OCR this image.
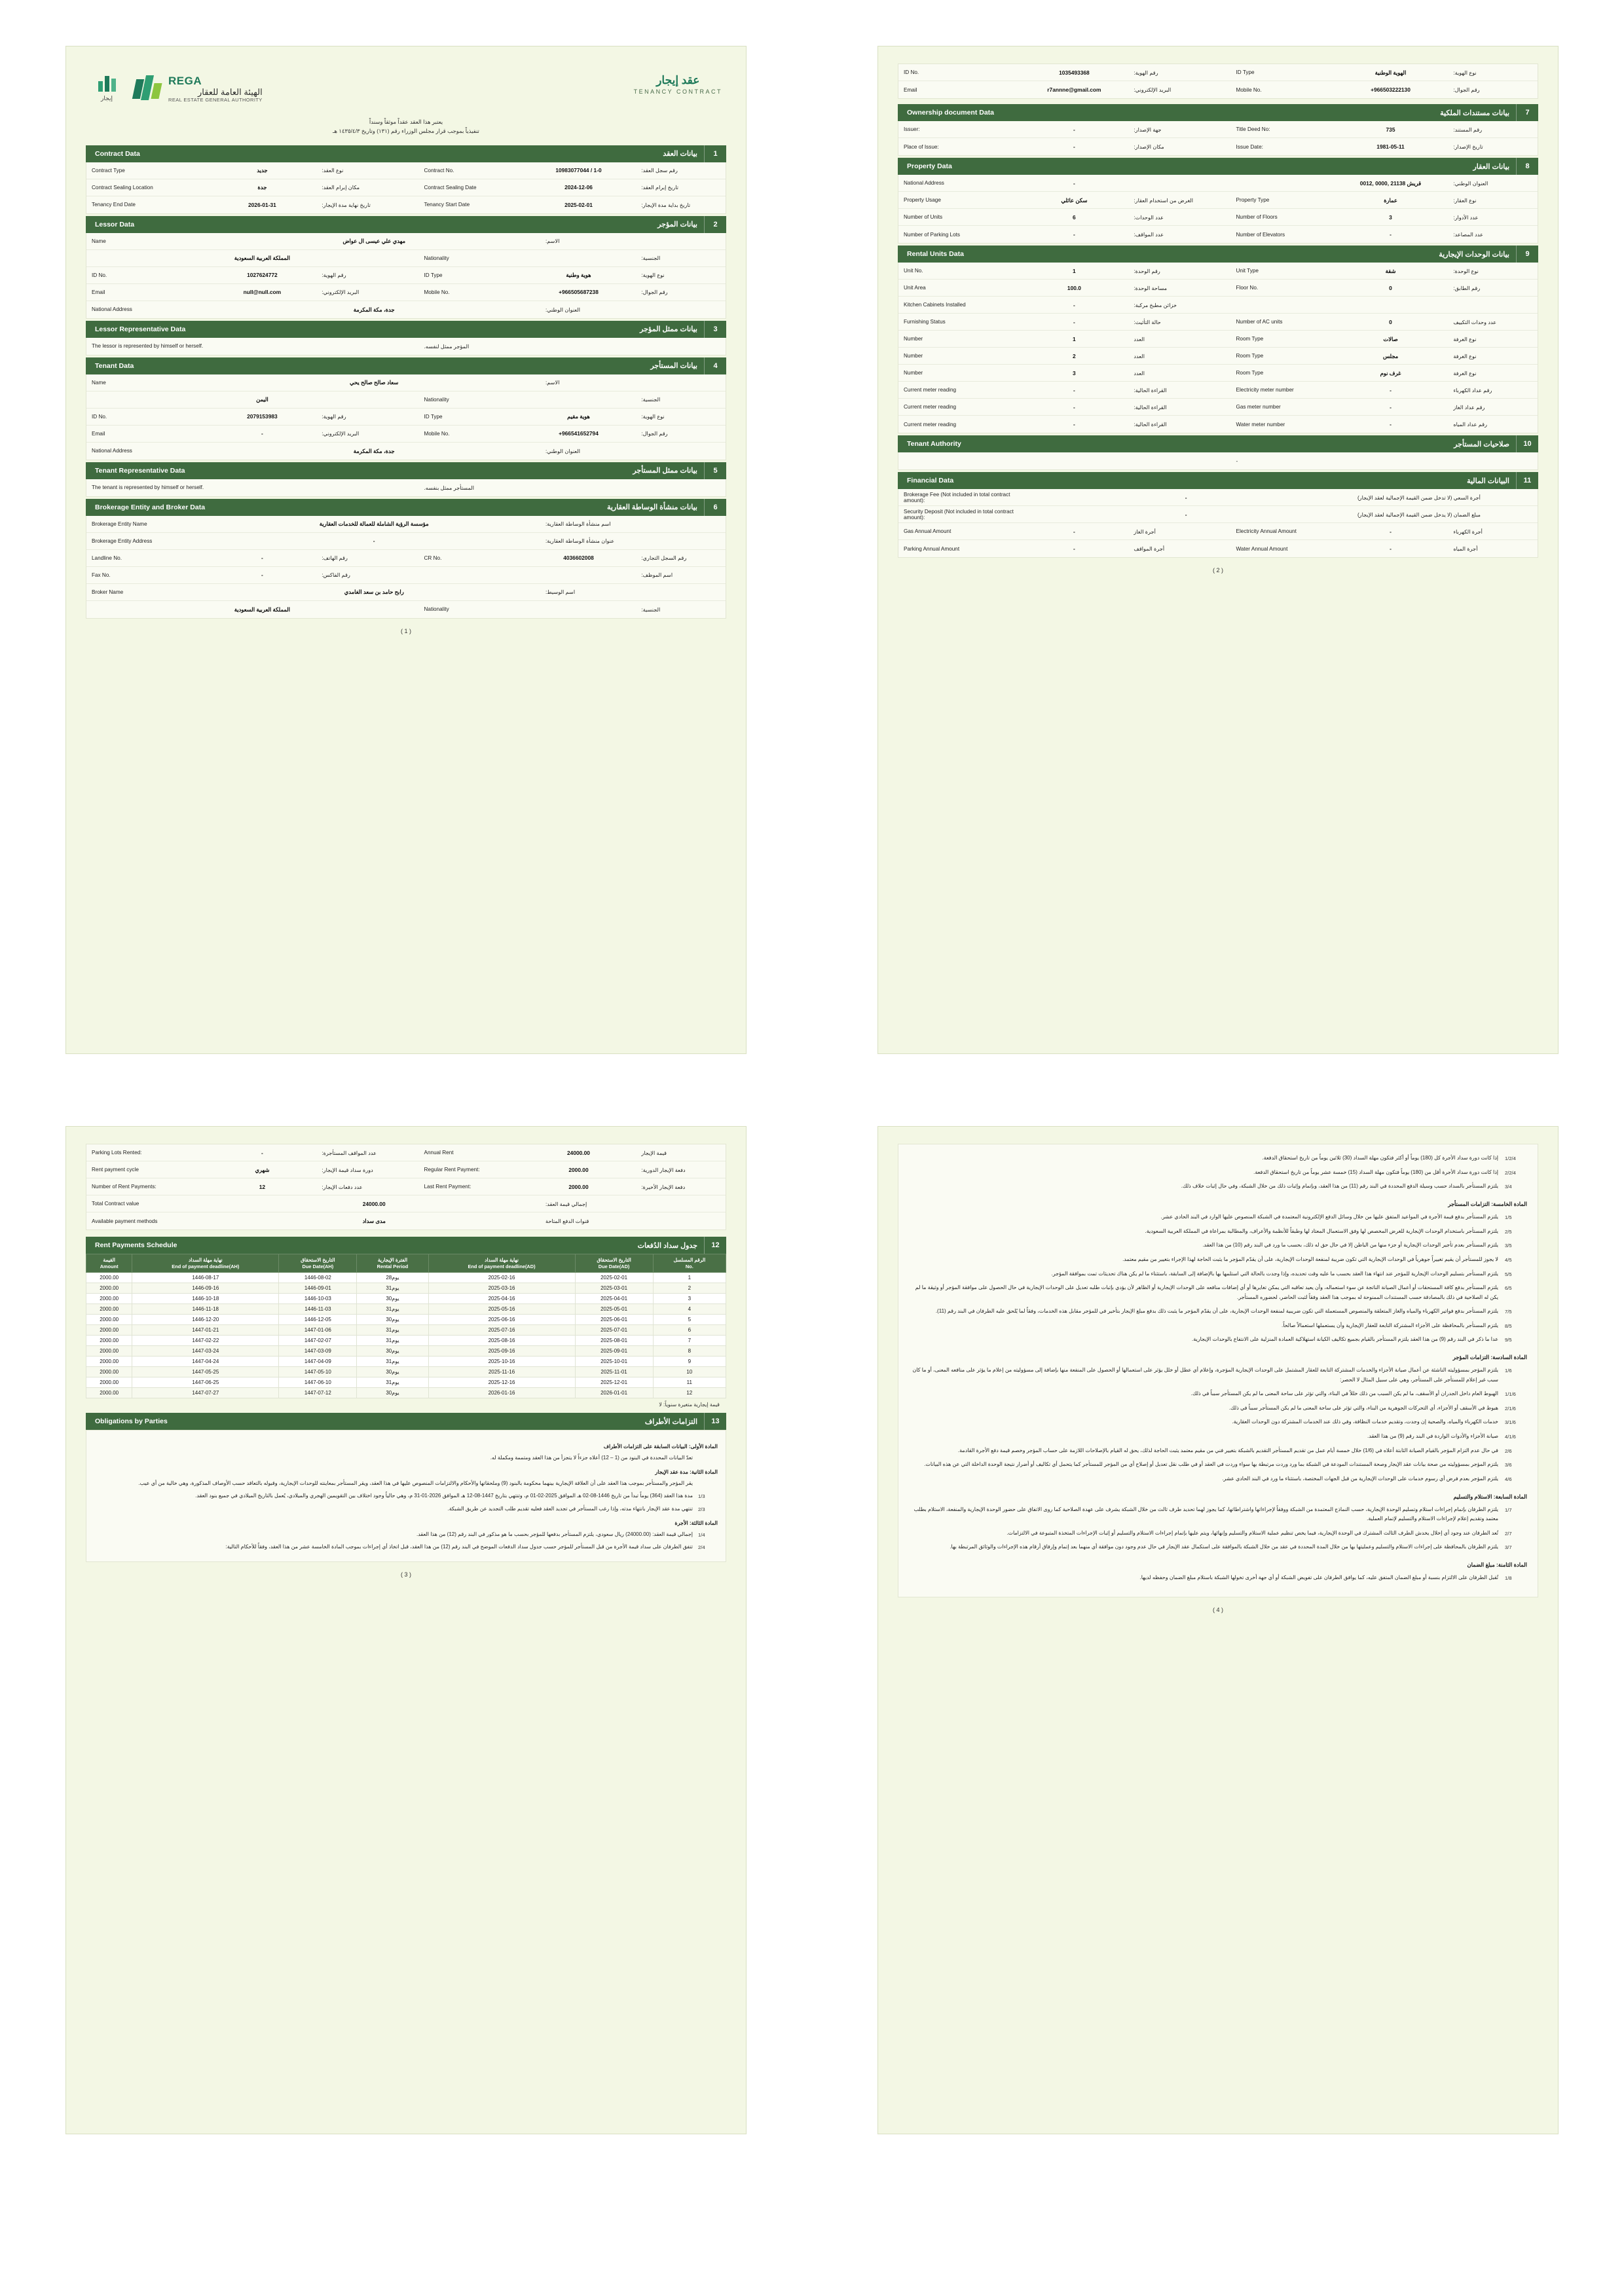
إيجار
REGA
الهيئة العامة للعقار
REAL ESTATE GENERAL AUTHORITY
عقد إيجار
TENANCY CONTRACT
يعتبر هذا العقد عقداً موثقاً وسنداً
تنفيذياً بموجب قرار مجلس الوزراء رقم (١٣١) وتاريخ ١٤٣٥/٤/٣ هـ
Contract Data	بيانات العقد	1
Contract Type	جديد	نوع العقد:	Contract No.	10983077044 / 1-0	رقم سجل العقد:
Contract Sealing Location	جدة	مكان إبرام العقد:	Contract Sealing Date	2024-12-06	تاريخ إبرام العقد:
Tenancy End Date	2026-01-31	تاريخ نهاية مدة الإيجار:	Tenancy Start Date	2025-02-01	تاريخ بداية مدة الإيجار:
Lessor Data	بيانات المؤجر	2
Name	مهدي علي عيسى ال عواض	الاسم:
المملكة العربية السعودية	Nationality	الجنسية:
ID No.	1027624772	رقم الهوية:	ID Type	هوية وطنية	نوع الهوية:
Email	null@null.com	البريد الإلكتروني:	Mobile No.	+966505687238	رقم الجوال:
National Address	جدة، مكة المكرمة	العنوان الوطني:
Lessor Representative Data	بيانات ممثل المؤجر	3
The lessor is represented by himself or herself.	المؤجر ممثل لنفسه.
Tenant Data	بيانات المستأجر	4
Name	سعاد صالح صالح يحي	الاسم:
اليمن	Nationality	الجنسية:
ID No.	2079153983	رقم الهوية:	ID Type	هوية مقيم	نوع الهوية:
Email	-	البريد الإلكتروني:	Mobile No.	+966541652794	رقم الجوال:
National Address	جدة، مكة المكرمة	العنوان الوطني:
Tenant Representative Data	بيانات ممثل المستأجر	5
The tenant is represented by himself or herself.	المستأجر ممثل بنفسه.
Brokerage Entity and Broker Data	بيانات منشأة الوساطة العقارية	6
Brokerage Entity Name	مؤسسة الرؤية الشاملة للعمالة للخدمات العقارية	اسم منشأة الوساطة العقارية:
Brokerage Entity Address	-	عنوان منشأة الوساطة العقارية:
Landline No.	-	رقم الهاتف:	CR No.	4036602008	رقم السجل التجاري:
Fax No.	-	رقم الفاكس:	اسم الموظف:
Broker Name	رابح حامد بن سعد الغامدي	اسم الوسيط:
المملكة العربية السعودية	Nationality	الجنسية:
( 1 )
ID No.	1035493368	رقم الهوية:	ID Type	الهوية الوطنية	نوع الهوية:
Email	r7annne@gmail.com	البريد الإلكتروني:	Mobile No.	+966503222130	رقم الجوال:
Ownership document Data	بيانات مستندات الملكية	7
Issuer:	-	جهة الإصدار:	Title Deed No:	735	رقم المستند:
Place of Issue:	-	مكان الإصدار:	Issue Date:	1981-05-11	تاريخ الإصدار:
Property Data	بيانات العقار	8
National Address	-	0012, 0000, 21138 قريش	العنوان الوطني:
Property Usage	سكن عائلي	الغرض من استخدام العقار:	Property Type	عمارة	نوع العقار:
Number of Units	6	عدد الوحدات:	Number of Floors	3	عدد الأدوار:
Number of Parking Lots	-	عدد المواقف:	Number of Elevators	-	عدد المصاعد:
Rental Units Data	بيانات الوحدات الإيجارية	9
Unit No.	1	رقم الوحدة:	Unit Type	شقة	نوع الوحدة:
Unit Area	100.0	مساحة الوحدة:	Floor No.	0	رقم الطابق:
Kitchen Cabinets Installed	-	خزائن مطبخ مركبة:
Furnishing Status	-	حالة التأثيث:	Number of AC units	0	عدد وحدات التكييف
Number	1	العدد	Room Type	صالات	نوع الغرفة
Number	2	العدد	Room Type	مجلس	نوع الغرفة
Number	3	العدد	Room Type	غرف نوم	نوع الغرفة
Current meter reading	-	القراءة الحالية:	Electricity meter number	-	رقم عداد الكهرباء
Current meter reading	-	القراءة الحالية:	Gas meter number	-	رقم عداد الغاز
Current meter reading	-	القراءة الحالية:	Water meter number	-	رقم عداد المياه
Tenant Authority	صلاحيات المستأجر	10
-
Financial Data	البيانات المالية	11
Brokerage Fee (Not included in total contract amount):	-	أجرة السعي (لا تدخل ضمن القيمة الإجمالية لعقد الإيجار)
Security Deposit (Not included in total contract amount):	-	مبلغ الضمان (لا يدخل ضمن القيمة الإجمالية لعقد الإيجار)
Gas Annual Amount	-	أجرة الغاز	Electricity Annual Amount	-	أجرة الكهرباء
Parking Annual Amount	-	أجرة المواقف	Water Annual Amount	-	أجرة المياه
( 2 )
Parking Lots Rented:	-	عدد المواقف المستأجرة:	Annual Rent	24000.00	قيمة الإيجار
Rent payment cycle	شهري	دورة سداد قيمة الإيجار:	Regular Rent Payment:	2000.00	دفعة الإيجار الدورية:
Number of Rent Payments:	12	عدد دفعات الإيجار:	Last Rent Payment:	2000.00	دفعة الإيجار الأخيرة:
Total Contract value	24000.00	إجمالي قيمة العقد:
Available payment methods	مدى سداد	قنوات الدفع المتاحة
Rent Payments Schedule	جدول سداد الدُفعات	12
القيمة
Amount

نهاية مهلة السداد
End of payment deadline(AH)

التاريخ الاستحقاق
Due Date(AH)

الفترة الإيجارية
Rental Period

نهاية مهلة السداد
End of payment deadline(AD)

التاريخ الاستحقاق
Due Date(AD)

الرقم المسلسل
No.

2000.00	1446-08-17	1446-08-02	28يوم	2025-02-16	2025-02-01	1
2000.00	1446-09-16	1446-09-01	31يوم	2025-03-16	2025-03-01	2
2000.00	1446-10-18	1446-10-03	30يوم	2025-04-16	2025-04-01	3
2000.00	1446-11-18	1446-11-03	31يوم	2025-05-16	2025-05-01	4
2000.00	1446-12-20	1446-12-05	30يوم	2025-06-16	2025-06-01	5
2000.00	1447-01-21	1447-01-06	31يوم	2025-07-16	2025-07-01	6
2000.00	1447-02-22	1447-02-07	31يوم	2025-08-16	2025-08-01	7
2000.00	1447-03-24	1447-03-09	30يوم	2025-09-16	2025-09-01	8
2000.00	1447-04-24	1447-04-09	31يوم	2025-10-16	2025-10-01	9
2000.00	1447-05-25	1447-05-10	30يوم	2025-11-16	2025-11-01	10
2000.00	1447-06-25	1447-06-10	31يوم	2025-12-16	2025-12-01	11
2000.00	1447-07-27	1447-07-12	30يوم	2026-01-16	2026-01-01	12
قيمة إيجارية متغيرة سنوياً: لا
Obligations by Parties	التزامات الأطراف	13
المادة الأولى: البيانات السابقة على التزامات الأطراف
تعدّ البيانات المحددة في البنود من (1 – 12) أعلاه جزءاً لا يتجزأ من هذا العقد ومتممة ومكملة له.
المادة الثانية: مدة عقد الإيجار
يقر المؤجر والمستأجر بموجب هذا العقد على أن العلاقة الإيجارية بينهما محكومة بالبنود (9) وملحقاتها والأحكام والالتزامات المنصوص عليها في هذا العقد، ويقر المستأجر بمعاينته للوحدات الإيجارية، وقبوله بالتعاقد حسب الأوصاف المذكورة، وهي خالية من أي عيب.
1/3
مدة هذا العقد (364) يوماً تبدأ من تاريخ 1446-08-02 هـ الموافق 2025-02-01 م، وتنتهي بتاريخ 1447-08-12 هـ الموافق 2026-01-31 م، وهي حالياً وجود اختلاف بين التقويمين الهجري والميلادي، يُعمل بالتاريخ الميلادي في جميع بنود العقد.
2/3
تنتهي مدة عقد الإيجار بانتهاء مدته، وإذا رغب المستأجر في تجديد العقد فعليه تقديم طلب التجديد عن طريق الشبكة.
المادة الثالثة: الأجرة
1/4
إجمالي قيمة العقد: (24000.00) ريال سعودي، يلتزم المستأجر بدفعها للمؤجر بحسب ما هو مذكور في البند رقم (12) من هذا العقد.
2/4
تتفق الطرفان على سداد قيمة الأجرة من قبل المستأجر للمؤجر حسب جدول سداد الدفعات الموضح في البند رقم (12) من هذا العقد، قبل اتخاذ أي إجراءات بموجب المادة الخامسة عشر من هذا العقد، وفقاً للأحكام التالية:
( 3 )
1/2/4
إذا كانت دورة سداد الأجرة كل (180) يوماً أو أكثر فتكون مهلة السداد (30) ثلاثين يوماً من تاريخ استحقاق الدفعة.
2/2/4
إذا كانت دورة سداد الأجرة أقل من (180) يوماً فتكون مهلة السداد (15) خمسة عشر يوماً من تاريخ استحقاق الدفعة.
3/4
يلتزم المستأجر بالسداد حسب وسيلة الدفع المحددة في البند رقم (11) من هذا العقد، وبإتمام وإثبات ذلك من خلال الشبكة، وفي حال إثبات خلاف ذلك.
المادة الخامسة: التزامات المستأجر
1/5
يلتزم المستأجر بدفع قيمة الأجرة في المواعيد المتفق عليها من خلال وسائل الدفع الإلكترونية المعتمدة في الشبكة المنصوص عليها الوارد في البند الحادي عشر.
2/5
يلتزم المستأجر باستخدام الوحدات الإيجارية للغرض المخصص لها وفق الاستعمال المعتاد لها وطبقاً للأنظمة والأعراف، والمطالبة بمراعاة في المملكة العربية السعودية.
3/5
يلتزم المستأجر بعدم تأجير الوحدات الإيجارية أو جزء منها من الباطن إلا في حال حق له ذلك، بحسب ما ورد في البند رقم (10) من هذا العقد.
4/5
لا يجوز للمستأجر أن يقيم تغييراً جوهرياً في الوحدات الإيجارية التي تكون ضريبة لمنفعة الوحدات الإيجارية، على أن يقدّم المؤجر ما يثبت الحاجة لهذا الإجراء بتغيير من مقيم معتمد.
5/5
يلتزم المستأجر بتسليم الوحدات الإيجارية للمؤجر عند انتهاء هذا العقد بحسب ما عليه وقت تحديده، وإذا وجدت بالحالة التي استلمها بها بالإضافة إلى السابقة، باستثناء ما لم يكن هناك تحديثات تمت بموافقة المؤجر.
6/5
يلتزم المستأجر بدفع كافة المستحقات أو أعمال الصيانة الناتجة عن سوء استعماله، وأن يعيد تعاقبه التي يمكن تغايرها أو أي إضافات منافعه على الوحدات الإيجارية أو الظاهر لأن يؤدي بإثبات طلبه تعديل على الوحدات الإيجارية في حال الحصول على موافقة المؤجر أو وثيقة ما لم يكن له الصلاحية في ذلك بالمصادقة حسب المستندات الممنوحة له بموجب هذا العقد وفقاً لثبت الحاضر، لحضوره المستأجر.
7/5
يلتزم المستأجر بدفع فواتير الكهرباء والمياه والغاز المتعلقة والمنصوص المستعملة التي تكون ضريبية لمنفعة الوحدات الإيجارية، على أن يقدّم المؤجر ما يثبت ذلك بدفع مبلغ الإيجار بتأخير في للمؤجر مقابل هذه الخدمات، وفقاً لما يُلحق عليه الطرفان في البند رقم (11).
8/5
يلتزم المستأجر بالمحافظة على الأجزاء المشتركة التابعة للعقار الإيجارية وأن يستعملها استعمالاً صالحاً.
9/5
عدا ما ذكر في البند رقم (9) من هذا العقد يلتزم المستأجر بالقيام بجميع تكاليف الكيانة استهلاكية العمادة المنزلية على الانتفاع بالوحدات الإيجارية.
المادة السادسة: التزامات المؤجر
1/6
يلتزم المؤجر بمسؤوليته الناشئة عن أعمال صيانة الأجزاء والخدمات المشتركة التابعة للعقار المشتمل على الوحدات الإيجارية المؤجرة، وإعلام أي عطل أو خلل يؤثر على استعمالها أو الحصول على المنفعة منها بإضافة إلى مسؤوليته من إعلام ما يؤثر على منافعه المعنى، أو ما كان سبب غير إعلام للمستأجر على المستأجر، وهي على سبيل المثال لا الحصر:
1/1/6
الهبوط العام داخل الجدران أو الأسقف، ما لم يكن السبب من ذلك خللاً في البناء، والتي تؤثر على ساحة المعنى ما لم يكن المستأجر سبباً في ذلك.
2/1/6
هبوط في الأسقف أو الأجزاء، أي التحركات الجوهرية من البناء، والتي تؤثر على ساحة المعنى ما لم يكن المستأجر سبباً في ذلك.
3/1/6
خدمات الكهرباء والمياه، والصحية إن وجدت، وتقديم خدمات النظافة، وفي ذلك عند الخدمات المشتركة دون الوحدات العقارية.
4/1/6
صيانة الأجزاء والأدوات الواردة في البند رقم (9) من هذا العقد.
2/6
في حال عدم التزام المؤجر بالقيام الصيانة الثابتة أعلاه في (1/6) خلال خمسة أيام عمل من تقديم المستأجر التقديم بالشبكة بتغيير فني من مقيم معتمد يثبت الحاجة لذلك، يحق له القيام بالإصلاحات اللازمة على حساب المؤجر وخصم قيمة دفع الأجرة القادمة.
3/6
يلتزم المؤجر بمسؤوليته من صحة بيانات عقد الإيجار وصحة المستندات المودعة في الشبكة بما ورد وردت مرتبطة بها سواء وردت في العقد أو في طلب نقل تعديل أو إصلاح أي من المؤجر للمستأجر كما يتحمل أي تكاليف أو أضرار نتيجة الوحدة الداخلة التي عن هذه البيانات.
4/6
يلتزم المؤجر بعدم فرض أي رسوم خدمات على الوحدات الإيجارية من قبل الجهات المختصة، باستثناء ما ورد في البند الحادي عشر.
المادة السابعة: الاستلام والتسليم
1/7
يلتزم الطرفان بإتمام إجراءات استلام وتسليم الوحدة الإيجارية، حسب النماذج المعتمدة من الشبكة ووفقاً لإجراءاتها واشتراطاتها، كما يجوز لهما تحديد طرف ثالث من خلال الشبكة يشرف على عهدة الصلاحية كما روى الاتفاق على حضور الوحدة الإيجارية والمنفعة، الاستلام بطلب معتمد وتقديم إعلام لإجراءات الاستلام والتسليم لإتمام العملية.
2/7
تُعد الطرفان عند وجود أي إخلال يخدش الطرف الثالث المشترك في الوحدة الإيجارية، فيما يخص تنظيم عملية الاستلام والتسليم وإنهائها، ويتم عليها بإتمام إجراءات الاستلام والتسليم أو إثبات الإجراءات المتخذة المتبوعة في الالتزامات.
3/7
يلتزم الطرفان بالمحافظة على إجراءات الاستلام والتسليم وعمليتها بها من خلال المدة المحددة في عقد من خلال الشبكة بالموافقة على استكمال عقد الإيجار في حال عدم وجود دون موافقة أي منهما بعد إتمام وإرفاق أرقام هذه الإجراءات والوثائق المرتبطة بها.
المادة الثامنة: مبلغ الضمان
1/8
تُقبل الطرفان على الالتزام بنسبة أو مبلغ الضمان المتفق عليه، كما يوافق الطرفان على تفويض الشبكة أو أي جهة أخرى تخولها الشبكة باستلام مبلغ الضمان وحفظه لديها.
( 4 )
